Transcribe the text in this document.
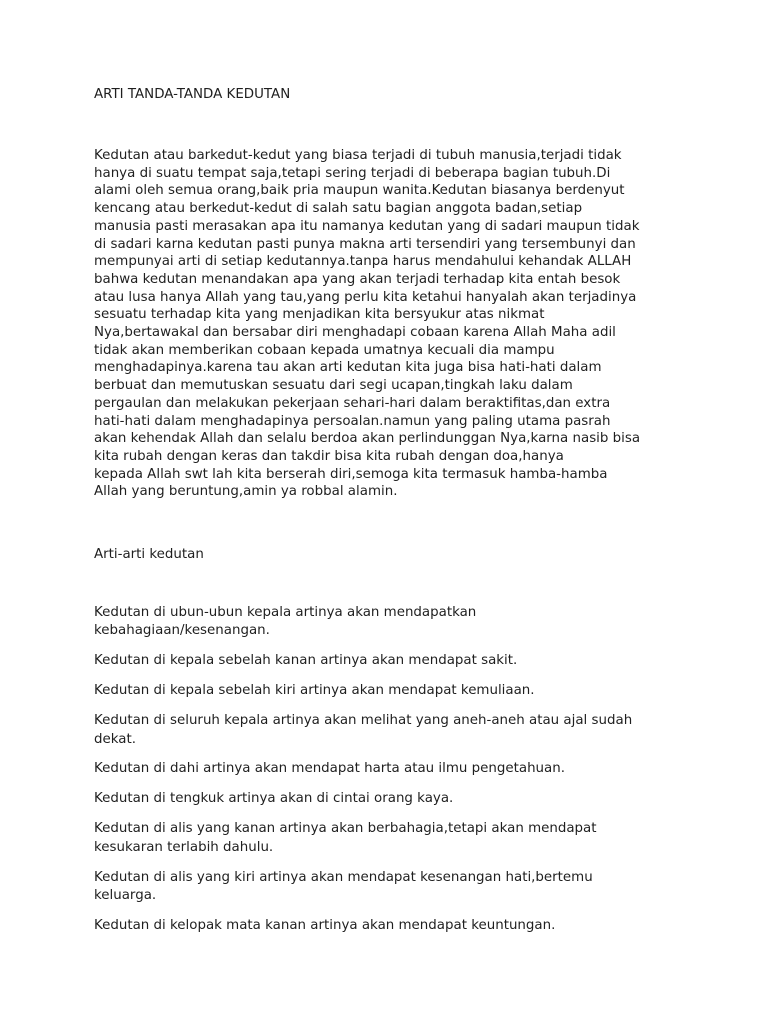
ARTI TANDA-TANDA KEDUTAN

Kedutan atau barkedut-kedut yang biasa terjadi di tubuh manusia,terjadi tidak
hanya di suatu tempat saja,tetapi sering terjadi di beberapa bagian tubuh.Di
alami oleh semua orang,baik pria maupun wanita.Kedutan biasanya berdenyut
kencang atau berkedut-kedut di salah satu bagian anggota badan,setiap
manusia pasti merasakan apa itu namanya kedutan yang di sadari maupun tidak
di sadari karna kedutan pasti punya makna arti tersendiri yang tersembunyi dan
mempunyai arti di setiap kedutannya.tanpa harus mendahului kehandak ALLAH
bahwa kedutan menandakan apa yang akan terjadi terhadap kita entah besok
atau lusa hanya Allah yang tau,yang perlu kita ketahui hanyalah akan terjadinya
sesuatu terhadap kita yang menjadikan kita bersyukur atas nikmat
Nya,bertawakal dan bersabar diri menghadapi cobaan karena Allah Maha adil
tidak akan memberikan cobaan kepada umatnya kecuali dia mampu
menghadapinya.karena tau akan arti kedutan kita juga bisa hati-hati dalam
berbuat dan memutuskan sesuatu dari segi ucapan,tingkah laku dalam
pergaulan dan melakukan pekerjaan sehari-hari dalam beraktifitas,dan extra
hati-hati dalam menghadapinya persoalan.namun yang paling utama pasrah
akan kehendak Allah dan selalu berdoa akan perlindunggan Nya,karna nasib bisa
kita rubah dengan keras dan takdir bisa kita rubah dengan doa,hanya
kepada Allah swt lah kita berserah diri,semoga kita termasuk hamba-hamba
Allah yang beruntung,amin ya robbal alamin.

Arti-arti kedutan

Kedutan di ubun-ubun kepala artinya akan mendapatkan
kebahagiaan/kesenangan.
Kedutan di kepala sebelah kanan artinya akan mendapat sakit.
Kedutan di kepala sebelah kiri artinya akan mendapat kemuliaan.
Kedutan di seluruh kepala artinya akan melihat yang aneh-aneh atau ajal sudah
dekat.
Kedutan di dahi artinya akan mendapat harta atau ilmu pengetahuan.
Kedutan di tengkuk artinya akan di cintai orang kaya.
Kedutan di alis yang kanan artinya akan berbahagia,tetapi akan mendapat
kesukaran terlabih dahulu.
Kedutan di alis yang kiri artinya akan mendapat kesenangan hati,bertemu
keluarga.
Kedutan di kelopak mata kanan artinya akan mendapat keuntungan.
